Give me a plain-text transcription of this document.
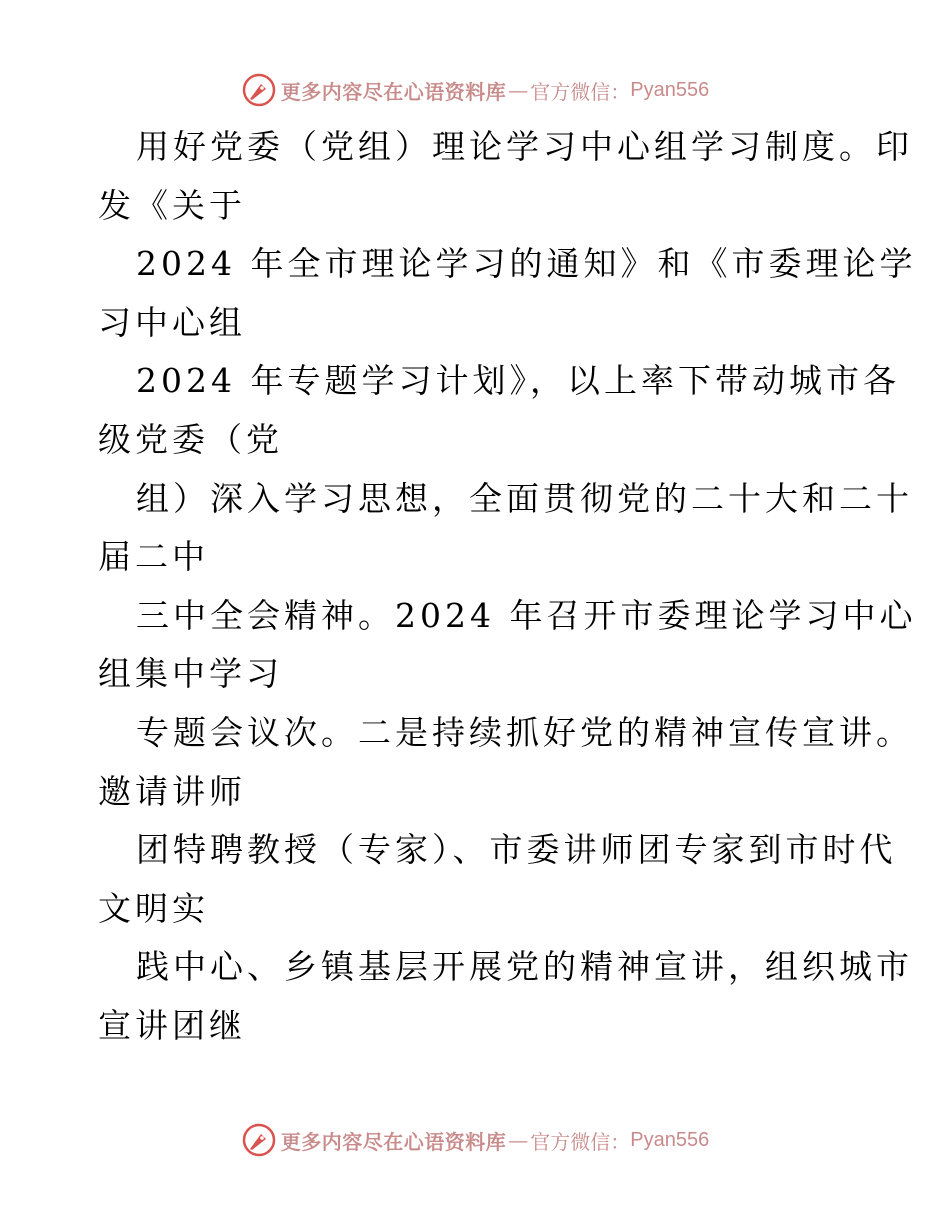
更多内容尽在心语资料库 — 官方微信： Pyan556
用好党委（党组）理论学习中心组学习制度。印
发《关于
2024 年全市理论学习的通知》和《市委理论学
习中心组
2024 年专题学习计划》，以上率下带动城市各
级党委（党
组）深入学习思想，全面贯彻党的二十大和二十
届二中
三中全会精神。2024 年召开市委理论学习中心
组集中学习
专题会议次。二是持续抓好党的精神宣传宣讲。
邀请讲师
团特聘教授（专家）、市委讲师团专家到市时代
文明实
践中心、乡镇基层开展党的精神宣讲，组织城市
宣讲团继
更多内容尽在心语资料库 — 官方微信： Pyan556
